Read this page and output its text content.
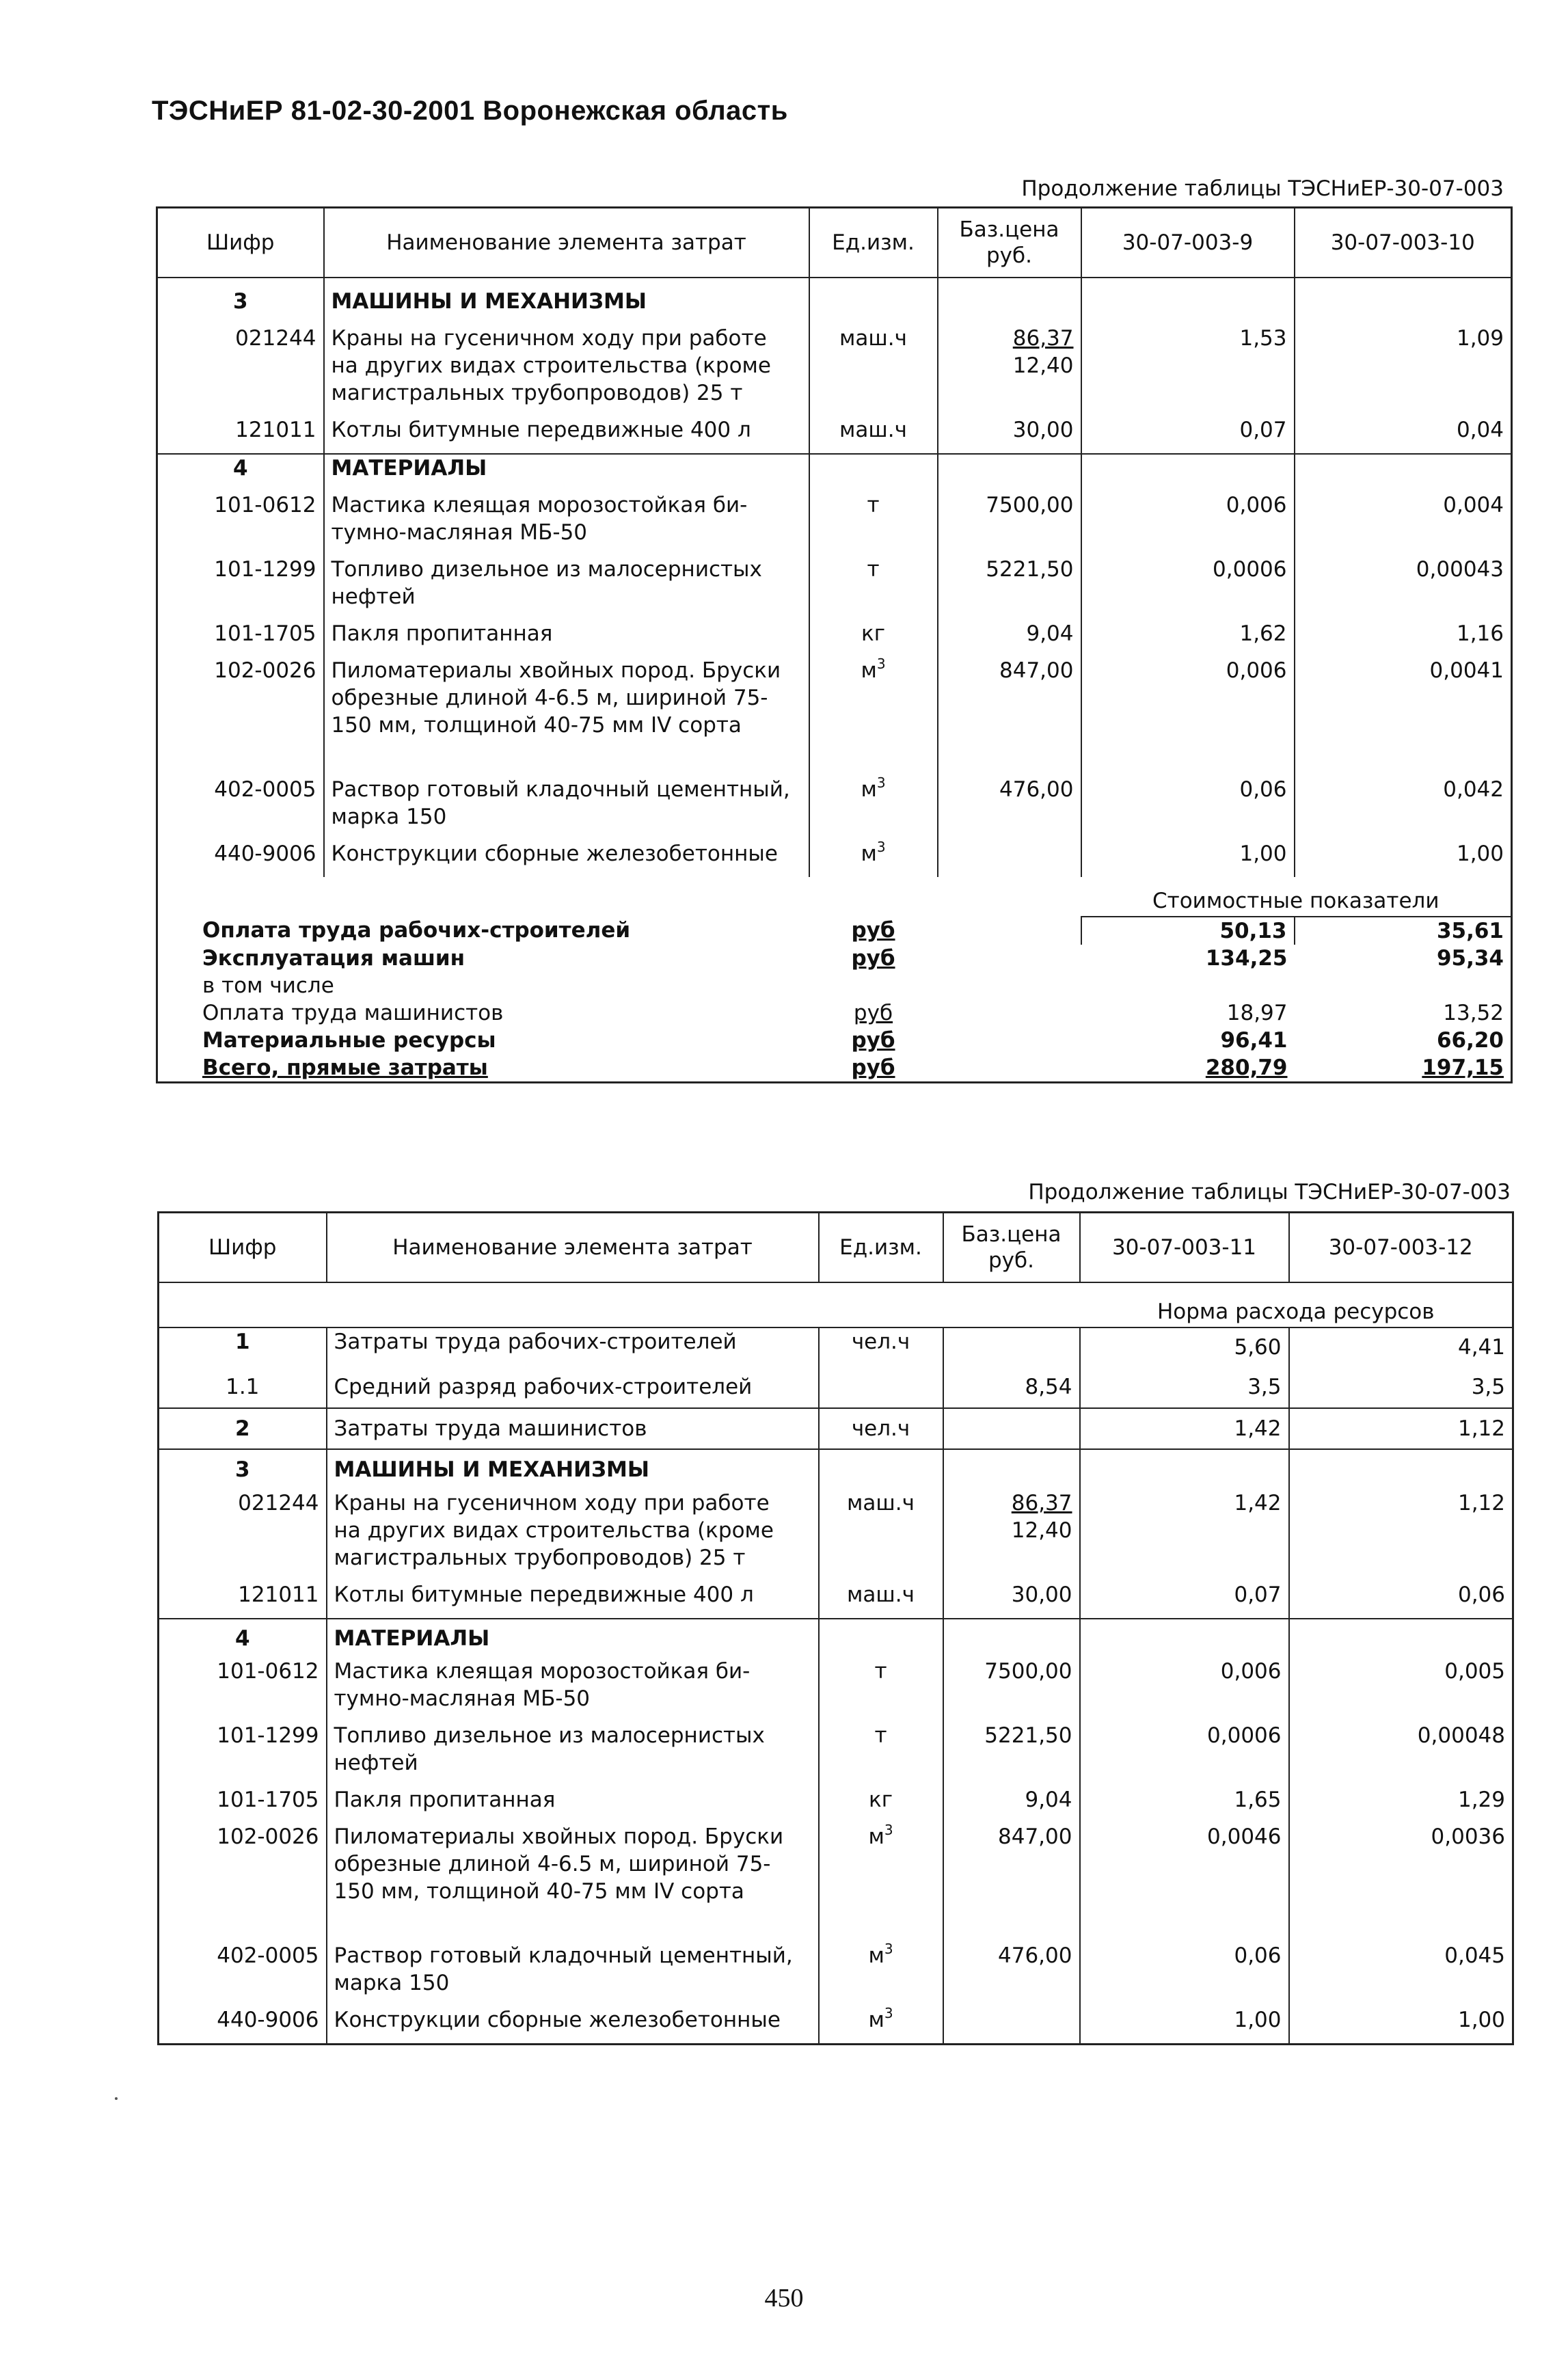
ТЭСНиЕР 81-02-30-2001 Воронежская область
Продолжение таблицы ТЭСНиЕР-30-07-003
Шифр	Наименование элемента затрат	Ед.изм.	Баз.цена
руб.	30-07-003-9	30-07-003-10

3	МАШИНЫ И МЕХАНИЗМЫ				

021244	Краны на гусеничном ходу при работе
на других видах строительства (кроме
магистральных трубопроводов) 25 т	маш.ч	86,37
12,40	1,53	1,09

121011	Котлы битумные передвижные 400 л	маш.ч	30,00	0,07	0,04

4	МАТЕРИАЛЫ				

101-0612	Мастика клеящая морозостойкая би-
тумно-масляная МБ-50	т	7500,00	0,006	0,004

101-1299	Топливо дизельное из малосернистых
нефтей	т	5221,50	0,0006	0,00043

101-1705	Пакля пропитанная	кг	9,04	1,62	1,16

102-0026	Пиломатериалы хвойных пород. Бруски
обрезные длиной 4-6.5 м, шириной 75-
150 мм, толщиной 40-75 мм IV сорта	$м^3$	847,00	0,006	0,0041

402-0005	Раствор готовый кладочный цементный,
марка 150	$м^3$	476,00	0,06	0,042

440-9006	Конструкции сборные железобетонные	$м^3$		1,00	1,00

				Стоимостные показатели	
Оплата труда рабочих-строителей		руб		50,13	35,61
Эксплуатация машин		руб		134,25	95,34
в том числе					
Оплата труда машинистов		руб		18,97	13,52
Материальные ресурсы		руб		96,41	66,20
Всего, прямые затраты		руб		280,79	197,15
Продолжение таблицы ТЭСНиЕР-30-07-003
Шифр	Наименование элемента затрат	Ед.изм.	Баз.цена
руб.	30-07-003-11	30-07-003-12
				Норма расхода ресурсов	
1	Затраты труда рабочих-строителей	чел.ч		5,60	4,41
1.1	Средний разряд рабочих-строителей		8,54	3,5	3,5
2	Затраты труда машинистов	чел.ч		1,42	1,12
3	МАШИНЫ И МЕХАНИЗМЫ				
021244	Краны на гусеничном ходу при работе
на других видах строительства (кроме
магистральных трубопроводов) 25 т	маш.ч	86,37
12,40	1,42	1,12

121011	Котлы битумные передвижные 400 л	маш.ч	30,00	0,07	0,06

4	МАТЕРИАЛЫ				
101-0612	Мастика клеящая морозостойкая би-
тумно-масляная МБ-50	т	7500,00	0,006	0,005

101-1299	Топливо дизельное из малосернистых
нефтей	т	5221,50	0,0006	0,00048

101-1705	Пакля пропитанная	кг	9,04	1,65	1,29

102-0026	Пиломатериалы хвойных пород. Бруски
обрезные длиной 4-6.5 м, шириной 75-
150 мм, толщиной 40-75 мм IV сорта	$м^3$	847,00	0,0046	0,0036

402-0005	Раствор готовый кладочный цементный,
марка 150	$м^3$	476,00	0,06	0,045

440-9006	Конструкции сборные железобетонные	$м^3$		1,00	1,00

450
